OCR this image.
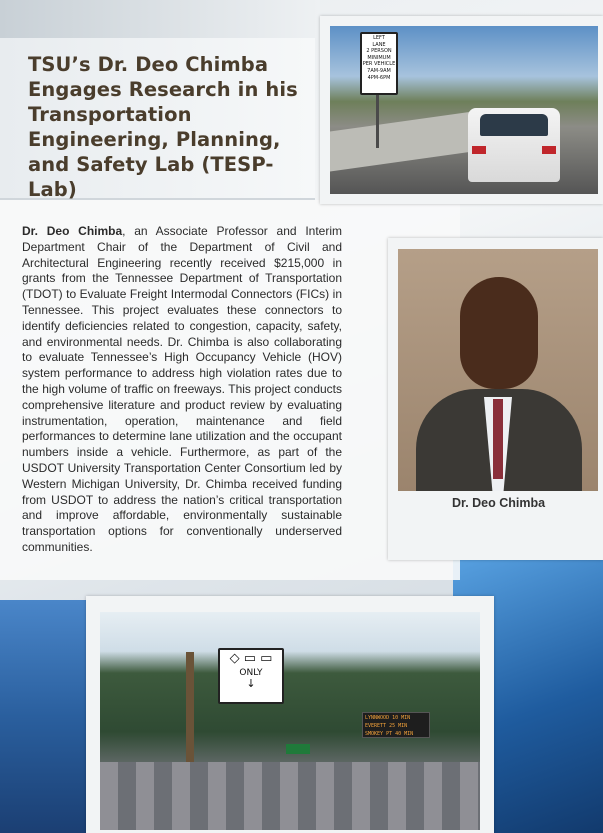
TSU’s Dr. Deo Chimba Engages Research in his Transportation Engineering, Planning, and Safety Lab (TESP-Lab)
LEFT
LANE
2 PERSON
MINIMUM
PER VEHICLE
7AM-9AM
4PM-6PM

Dr. Deo Chimba, an Associate Professor and Interim Department Chair of the Department of Civil and Architectural Engineering recently received $215,000 in grants from the Tennessee Department of Transportation (TDOT) to Evaluate Freight Intermodal Connectors (FICs) in Tennessee. This project evaluates these connectors to identify deficiencies related to congestion, capacity, safety, and environmental needs. Dr. Chimba is also collaborating to evaluate Tennessee’s High Occupancy Vehicle (HOV) system performance to address high violation rates due to the high volume of traffic on freeways. This project conducts comprehensive literature and product review by evaluating instrumentation, operation, maintenance and field performances to determine lane utilization and the occupant numbers inside a vehicle. Furthermore, as part of the USDOT University Transportation Center Consortium led by Western Michigan University, Dr. Chimba received funding from USDOT to address the nation’s critical transportation and improve affordable, environmentally sustainable transportation options for conventionally underserved communities.

Dr. Deo Chimba

◇ ▭ ▭
ONLY
↓
LYNNWOOD 10 MIN
EVERETT 25 MIN
SMOKEY PT 40 MIN
